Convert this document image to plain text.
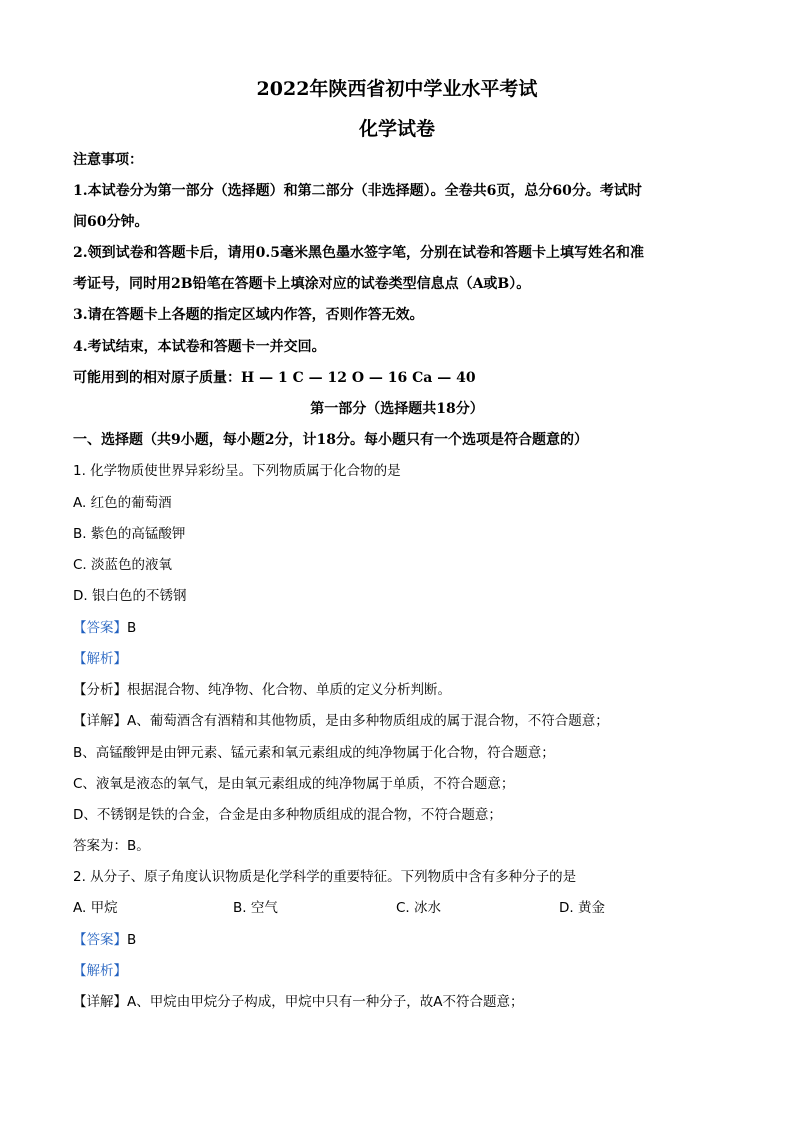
2022年陕西省初中学业水平考试
化学试卷
注意事项：
1.本试卷分为第一部分（选择题）和第二部分（非选择题）。全卷共6页，总分60分。考试时
间60分钟。
2.领到试卷和答题卡后，请用0.5毫米黑色墨水签字笔，分别在试卷和答题卡上填写姓名和准
考证号，同时用2B铅笔在答题卡上填涂对应的试卷类型信息点（A或B）。
3.请在答题卡上各题的指定区域内作答，否则作答无效。
4.考试结束，本试卷和答题卡一并交回。
可能用到的相对原子质量：H — 1 C — 12 O — 16 Ca — 40
第一部分（选择题共18分）
一、选择题（共9小题，每小题2分，计18分。每小题只有一个选项是符合题意的）
1. 化学物质使世界异彩纷呈。下列物质属于化合物的是
A. 红色的葡萄酒
B. 紫色的高锰酸钾
C. 淡蓝色的液氧
D. 银白色的不锈钢
【答案】B
【解析】
【分析】根据混合物、纯净物、化合物、单质的定义分析判断。
【详解】A、葡萄酒含有酒精和其他物质，是由多种物质组成的属于混合物，不符合题意；
B、高锰酸钾是由钾元素、锰元素和氧元素组成的纯净物属于化合物，符合题意；
C、液氧是液态的氧气，是由氧元素组成的纯净物属于单质，不符合题意；
D、不锈钢是铁的合金，合金是由多种物质组成的混合物，不符合题意；
答案为：B。
2. 从分子、原子角度认识物质是化学科学的重要特征。下列物质中含有多种分子的是
A. 甲烷	B. 空气	C. 冰水	D. 黄金
【答案】B
【解析】
【详解】A、甲烷由甲烷分子构成，甲烷中只有一种分子，故A不符合题意；
